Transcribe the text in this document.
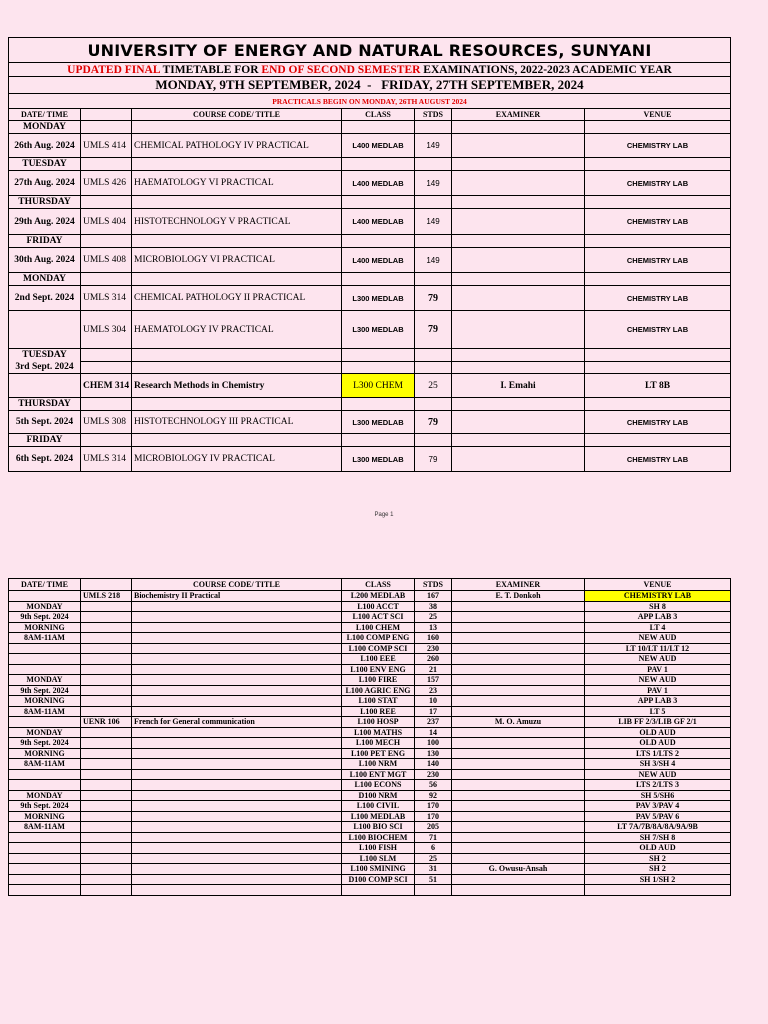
UNIVERSITY OF ENERGY AND NATURAL RESOURCES, SUNYANI						
UPDATED FINAL TIMETABLE FOR END OF SECOND SEMESTER EXAMINATIONS, 2022-2023 ACADEMIC YEAR						
MONDAY, 9TH SEPTEMBER, 2024  -   FRIDAY, 27TH SEPTEMBER, 2024						
PRACTICALS BEGIN ON MONDAY, 26TH AUGUST 2024						
DATE/ TIME		COURSE CODE/ TITLE	CLASS	STDS	EXAMINER	VENUE
MONDAY						
26th Aug. 2024	UMLS 414	CHEMICAL PATHOLOGY IV PRACTICAL	L400 MEDLAB	149		CHEMISTRY LAB
TUESDAY						
27th Aug. 2024	UMLS 426	HAEMATOLOGY VI PRACTICAL	L400 MEDLAB	149		CHEMISTRY LAB
THURSDAY						
29th Aug. 2024	UMLS 404	HISTOTECHNOLOGY V PRACTICAL	L400 MEDLAB	149		CHEMISTRY LAB
FRIDAY						
30th Aug. 2024	UMLS 408	MICROBIOLOGY VI PRACTICAL	L400 MEDLAB	149		CHEMISTRY LAB
MONDAY						
2nd Sept. 2024	UMLS 314	CHEMICAL PATHOLOGY II PRACTICAL	L300 MEDLAB	79		CHEMISTRY LAB
	UMLS 304	HAEMATOLOGY IV PRACTICAL	L300 MEDLAB	79		CHEMISTRY LAB
TUESDAY						
3rd Sept. 2024						
	CHEM 314	Research Methods in Chemistry	L300 CHEM	25	I. Emahi	LT 8B
THURSDAY						
5th Sept. 2024	UMLS 308	HISTOTECHNOLOGY III PRACTICAL	L300 MEDLAB	79		CHEMISTRY LAB
FRIDAY						
6th Sept. 2024	UMLS 314	MICROBIOLOGY IV PRACTICAL	L300 MEDLAB	79		CHEMISTRY LAB
Page 1
DATE/ TIME		COURSE CODE/ TITLE	CLASS	STDS	EXAMINER	VENUE
	UMLS 218	Biochemistry II Practical	L200 MEDLAB	167	E. T. Donkoh	CHEMISTRY LAB
MONDAY			L100 ACCT	38		SH 8
9th Sept. 2024			L100 ACT SCI	25		APP LAB 3
MORNING			L100 CHEM	13		LT 4
8AM-11AM			L100 COMP ENG	160		NEW AUD
			L100 COMP SCI	230		LT 10/LT 11/LT 12
			L100 EEE	260		NEW AUD
			L100 ENV ENG	21		PAV 1
MONDAY			L100 FIRE	157		NEW AUD
9th Sept. 2024			L100 AGRIC ENG	23		PAV 1
MORNING			L100 STAT	10		APP LAB 3
8AM-11AM			L100 REE	17		LT 5
	UENR 106	French for General communication	L100 HOSP	237	M. O. Amuzu	LIB FF 2/3/LIB GF 2/1
MONDAY			L100 MATHS	14		OLD AUD
9th Sept. 2024			L100 MECH	100		OLD AUD
MORNING			L100 PET ENG	130		LTS 1/LTS 2
8AM-11AM			L100 NRM	140		SH 3/SH 4
			L100 ENT MGT	230		NEW AUD
			L100 ECONS	56		LTS 2/LTS 3
MONDAY			D100 NRM	92		SH 5/SH6
9th Sept. 2024			L100 CIVIL	170		PAV 3/PAV 4
MORNING			L100 MEDLAB	170		PAV 5/PAV 6
8AM-11AM			L100 BIO SCI	205		LT 7A/7B/8A/8A/9A/9B
			L100 BIOCHEM	71		SH 7/SH 8
			L100 FISH	6		OLD AUD
			L100 SLM	25		SH 2
			L100 SMINING	31	G. Owusu-Ansah	SH 2
			D100 COMP SCI	51		SH 1/SH 2
